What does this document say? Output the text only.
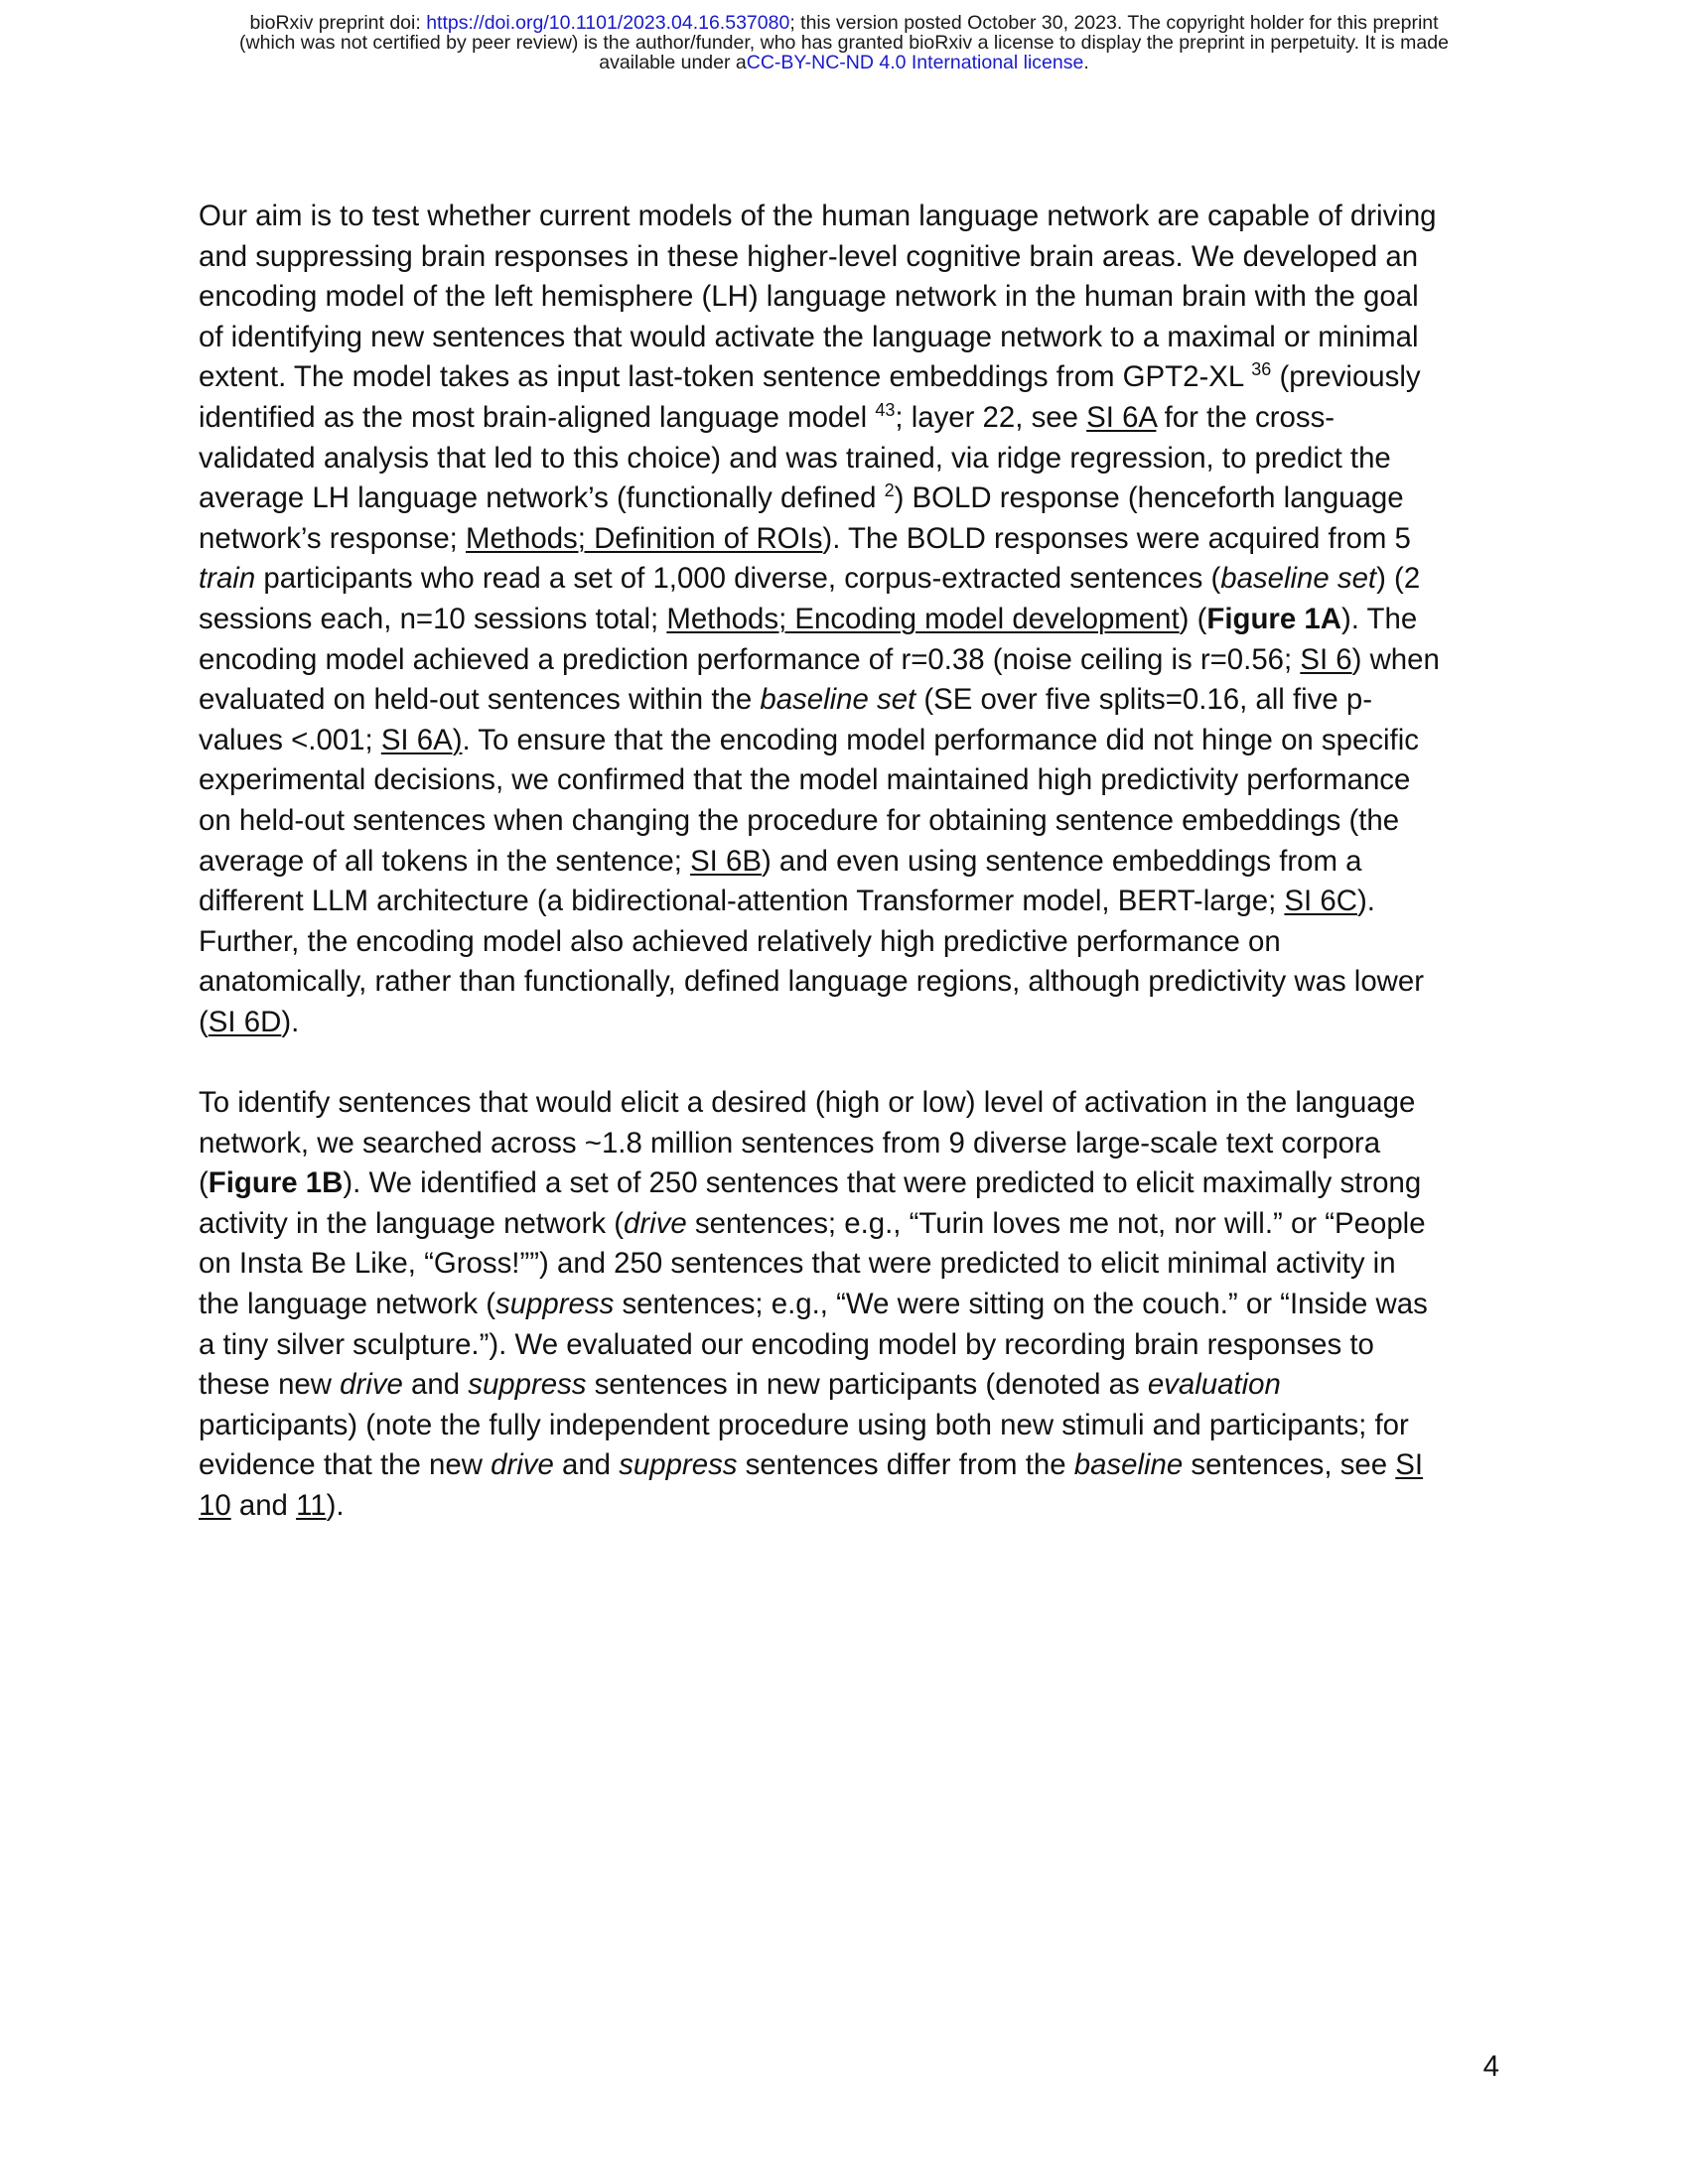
bioRxiv preprint doi: https://doi.org/10.1101/2023.04.16.537080; this version posted October 30, 2023. The copyright holder for this preprint
(which was not certified by peer review) is the author/funder, who has granted bioRxiv a license to display the preprint in perpetuity. It is made
available under aCC-BY-NC-ND 4.0 International license.

Our aim is to test whether current models of the human language network are capable of driving
and suppressing brain responses in these higher-level cognitive brain areas. We developed an
encoding model of the left hemisphere (LH) language network in the human brain with the goal
of identifying new sentences that would activate the language network to a maximal or minimal
extent. The model takes as input last-token sentence embeddings from GPT2-XL $^{36}$ (previously
identified as the most brain-aligned language model $^{43}$; layer 22, see SI 6A for the cross-
validated analysis that led to this choice) and was trained, via ridge regression, to predict the
average LH language network’s (functionally defined $^2$) BOLD response (henceforth language
network’s response; Methods; Definition of ROIs). The BOLD responses were acquired from 5
train participants who read a set of 1,000 diverse, corpus-extracted sentences (baseline set) (2
sessions each, n=10 sessions total; Methods; Encoding model development) (Figure 1A). The
encoding model achieved a prediction performance of r=0.38 (noise ceiling is r=0.56; SI 6) when
evaluated on held-out sentences within the baseline set (SE over five splits=0.16, all five p-
values <.001; SI 6A). To ensure that the encoding model performance did not hinge on specific
experimental decisions, we confirmed that the model maintained high predictivity performance
on held-out sentences when changing the procedure for obtaining sentence embeddings (the
average of all tokens in the sentence; SI 6B) and even using sentence embeddings from a
different LLM architecture (a bidirectional-attention Transformer model, BERT-large; SI 6C).
Further, the encoding model also achieved relatively high predictive performance on
anatomically, rather than functionally, defined language regions, although predictivity was lower
(SI 6D).

To identify sentences that would elicit a desired (high or low) level of activation in the language
network, we searched across ~1.8 million sentences from 9 diverse large-scale text corpora
(Figure 1B). We identified a set of 250 sentences that were predicted to elicit maximally strong
activity in the language network (drive sentences; e.g., “Turin loves me not, nor will.” or “People
on Insta Be Like, “Gross!””) and 250 sentences that were predicted to elicit minimal activity in
the language network (suppress sentences; e.g., “We were sitting on the couch.” or “Inside was
a tiny silver sculpture.”). We evaluated our encoding model by recording brain responses to
these new drive and suppress sentences in new participants (denoted as evaluation
participants) (note the fully independent procedure using both new stimuli and participants; for
evidence that the new drive and suppress sentences differ from the baseline sentences, see SI
10 and 11).

4
